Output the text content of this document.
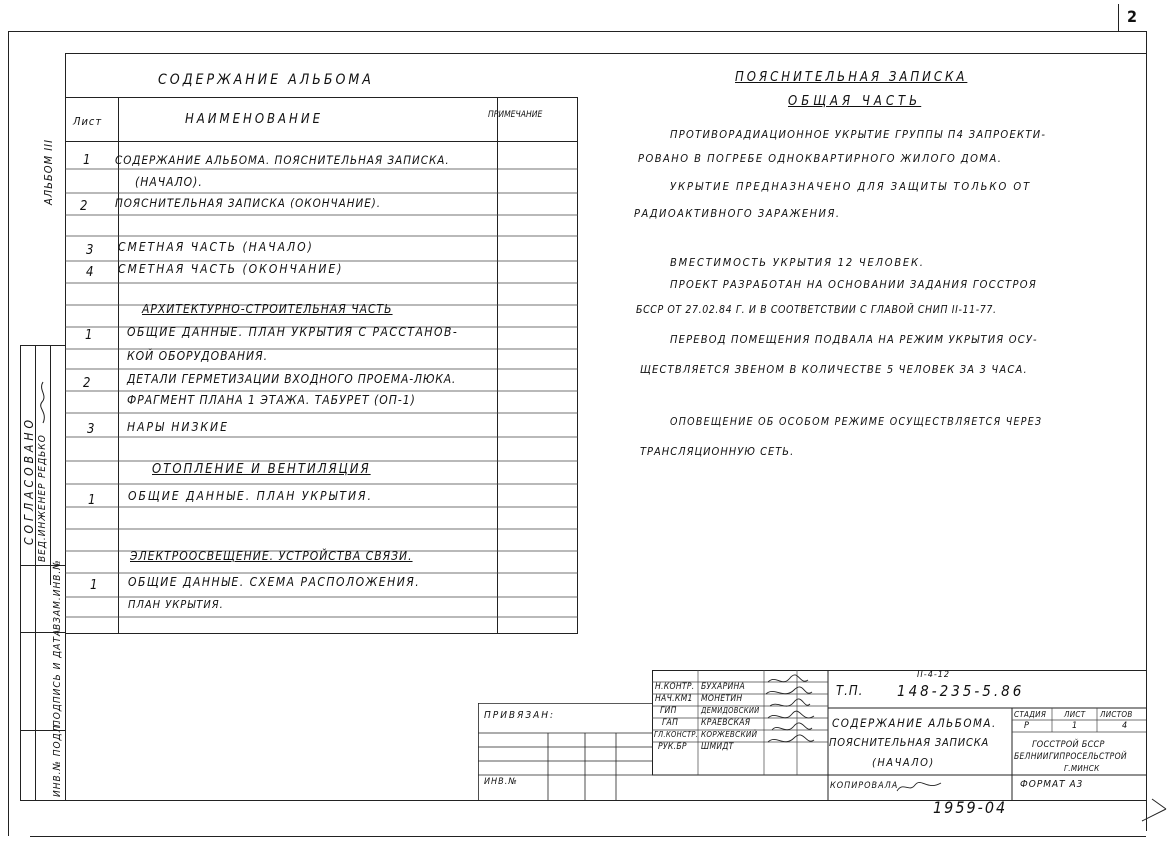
2
АЛЬБОМ III
СОГЛАСОВАНО ВЕД.ИНЖЕНЕР
РЕДЬКО
ВЗАМ.ИНВ.№
ПОДПИСЬ И ДАТА
ИНВ.№ ПОДЛ.
СОДЕРЖАНИЕ АЛЬБОМА
Лист	НАИМЕНОВАНИЕ	ПРИМЕЧАНИЕ
1 СОДЕРЖАНИЕ АЛЬБОМА. ПОЯСНИТЕЛЬНАЯ ЗАПИСКА.
(НАЧАЛО).
2 ПОЯСНИТЕЛЬНАЯ ЗАПИСКА (ОКОНЧАНИЕ).
3 СМЕТНАЯ ЧАСТЬ (НАЧАЛО)
4 СМЕТНАЯ ЧАСТЬ (ОКОНЧАНИЕ)
АРХИТЕКТУРНО-СТРОИТЕЛЬНАЯ ЧАСТЬ
1	ОБЩИЕ ДАННЫЕ. ПЛАН УКРЫТИЯ С РАССТАНОВ-
КОЙ ОБОРУДОВАНИЯ.
2	ДЕТАЛИ ГЕРМЕТИЗАЦИИ ВХОДНОГО ПРОЕМА-ЛЮКА.
ФРАГМЕНТ ПЛАНА 1 ЭТАЖА. ТАБУРЕТ (ОП-1)
3	НАРЫ НИЗКИЕ
ОТОПЛЕНИЕ И ВЕНТИЛЯЦИЯ
1	ОБЩИЕ ДАННЫЕ. ПЛАН УКРЫТИЯ.
ЭЛЕКТРООСВЕЩЕНИЕ. УСТРОЙСТВА СВЯЗИ.
1	ОБЩИЕ ДАННЫЕ. СХЕМА РАСПОЛОЖЕНИЯ.
ПЛАН УКРЫТИЯ.
ПОЯСНИТЕЛЬНАЯ ЗАПИСКА
ОБЩАЯ ЧАСТЬ
ПРОТИВОРАДИАЦИОННОЕ УКРЫТИЕ ГРУППЫ П4 ЗАПРОЕКТИ-
РОВАНО В ПОГРЕБЕ ОДНОКВАРТИРНОГО ЖИЛОГО ДОМА.
УКРЫТИЕ ПРЕДНАЗНАЧЕНО ДЛЯ ЗАЩИТЫ ТОЛЬКО ОТ
РАДИОАКТИВНОГО ЗАРАЖЕНИЯ.
ВМЕСТИМОСТЬ УКРЫТИЯ 12 ЧЕЛОВЕК.
ПРОЕКТ РАЗРАБОТАН НА ОСНОВАНИИ ЗАДАНИЯ ГОССТРОЯ
БССР ОТ 27.02.84 Г. И В СООТВЕТСТВИИ С ГЛАВОЙ СНИП II-11-77.
ПЕРЕВОД ПОМЕЩЕНИЯ ПОДВАЛА НА РЕЖИМ УКРЫТИЯ ОСУ-
ЩЕСТВЛЯЕТСЯ ЗВЕНОМ В КОЛИЧЕСТВЕ 5 ЧЕЛОВЕК ЗА 3 ЧАСА.
ОПОВЕЩЕНИЕ ОБ ОСОБОМ РЕЖИМЕ ОСУЩЕСТВЛЯЕТСЯ ЧЕРЕЗ
ТРАНСЛЯЦИОННУЮ СЕТЬ.
ПРИВЯЗАН:
ИНВ.№
Н.КОНТР. БУХАРИНА
НАЧ.КМ1 МОНЕТИН
ГИП	ДЕМИДОВСКИЙ
ГАП	КРАЕВСКАЯ
ГЛ.КОНСТР. КОРЖЕВСКИЙ
РУК.БР ШМИДТ
Т.П.
II-4-12
148-235-5.86
СОДЕРЖАНИЕ АЛЬБОМА.
ПОЯСНИТЕЛЬНАЯ ЗАПИСКА
(НАЧАЛО)
СТАДИЯ ЛИСТ ЛИСТОВ
Р	1	4
ГОССТРОЙ БССР
БЕЛНИИГИПРОСЕЛЬСТРОЙ
Г.МИНСК
КОПИРОВАЛА	ФОРМАТ А3
1959-04
